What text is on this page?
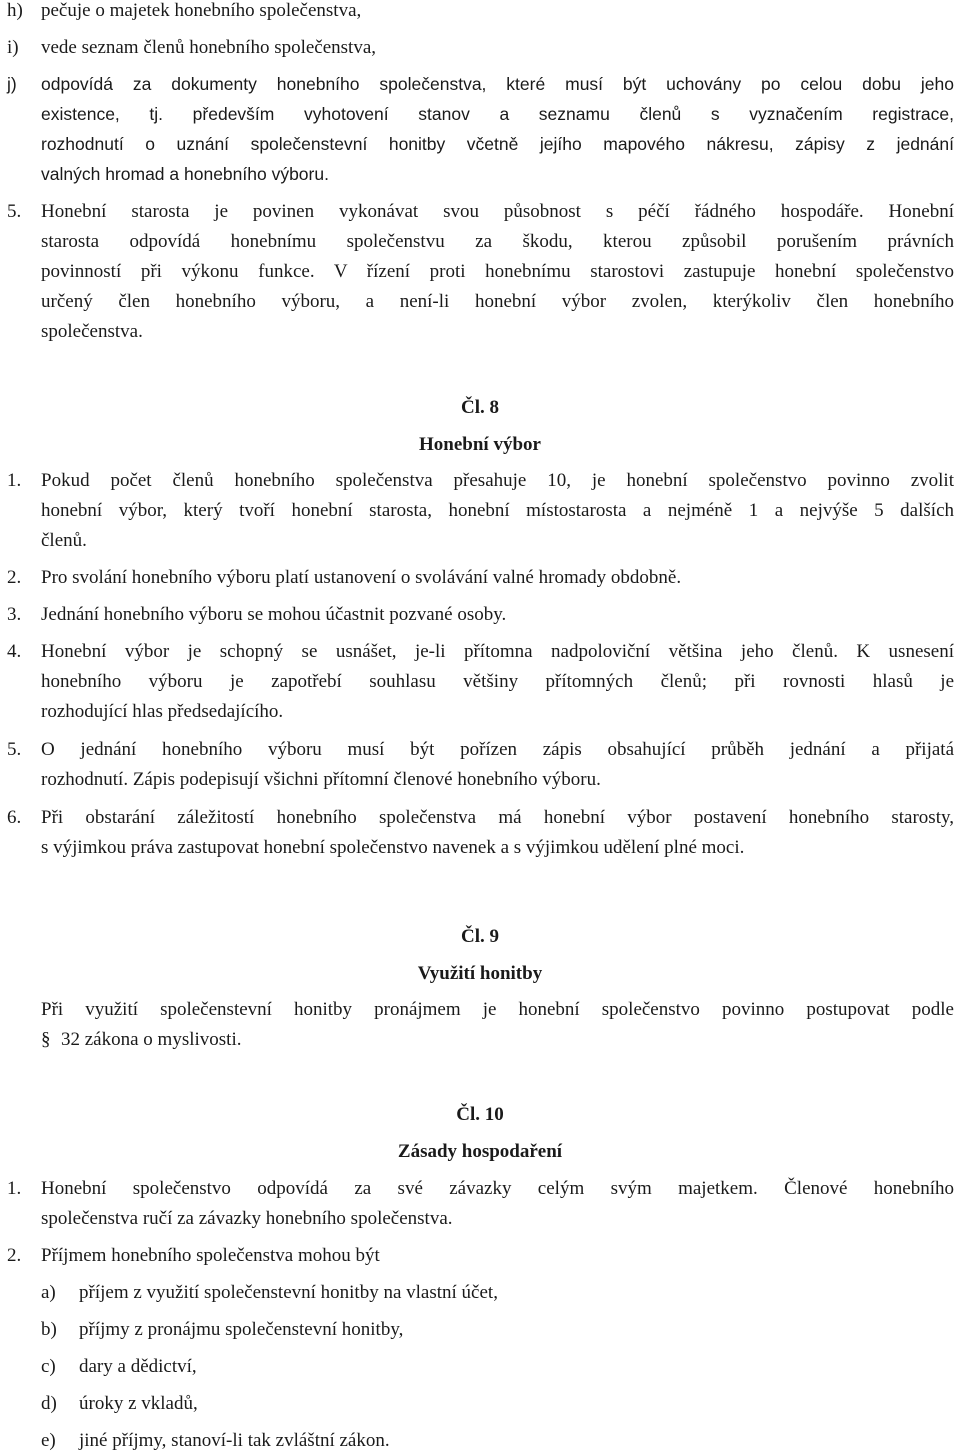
h) pečuje o majetek honebního společenstva,
i) vede seznam členů honebního společenstva,
j) odpovídá za dokumenty honebního společenstva, které musí být uchovány po celou dobu jeho
existence, tj. především vyhotovení stanov a seznamu členů s vyznačením registrace,
rozhodnutí o uznání společenstevní honitby včetně jejího mapového nákresu, zápisy z jednání
valných hromad a honebního výboru.
5. Honební starosta je povinen vykonávat svou působnost s péčí řádného hospodáře. Honební
starosta odpovídá honebnímu společenstvu za škodu, kterou způsobil porušením právních
povinností při výkonu funkce. V řízení proti honebnímu starostovi zastupuje honební společenstvo
určený člen honebního výboru, a není-li honební výbor zvolen, kterýkoliv člen honebního
společenstva.
Čl. 8
Honební výbor
1. Pokud počet členů honebního společenstva přesahuje 10, je honební společenstvo povinno zvolit
honební výbor, který tvoří honební starosta, honební místostarosta a nejméně 1 a nejvýše 5 dalších
členů.
2. Pro svolání honebního výboru platí ustanovení o svolávání valné hromady obdobně.
3. Jednání honebního výboru se mohou účastnit pozvané osoby.
4. Honební výbor je schopný se usnášet, je-li přítomna nadpoloviční většina jeho členů. K usnesení
honebního výboru je zapotřebí souhlasu většiny přítomných členů; při rovnosti hlasů je
rozhodující hlas předsedajícího.
5. O jednání honebního výboru musí být pořízen zápis obsahující průběh jednání a přijatá
rozhodnutí. Zápis podepisují všichni přítomní členové honebního výboru.
6. Při obstarání záležitostí honebního společenstva má honební výbor postavení honebního starosty,
s výjimkou práva zastupovat honební společenstvo navenek a s výjimkou udělení plné moci.
Čl. 9
Využití honitby
Při využití společenstevní honitby pronájmem je honební společenstvo povinno postupovat podle
§ 32 zákona o myslivosti.
Čl. 10
Zásady hospodaření
1. Honební společenstvo odpovídá za své závazky celým svým majetkem. Členové honebního
společenstva ručí za závazky honebního společenstva.
2. Příjmem honebního společenstva mohou být
a) příjem z využití společenstevní honitby na vlastní účet,
b) příjmy z pronájmu společenstevní honitby,
c) dary a dědictví,
d) úroky z vkladů,
e) jiné příjmy, stanoví-li tak zvláštní zákon.
